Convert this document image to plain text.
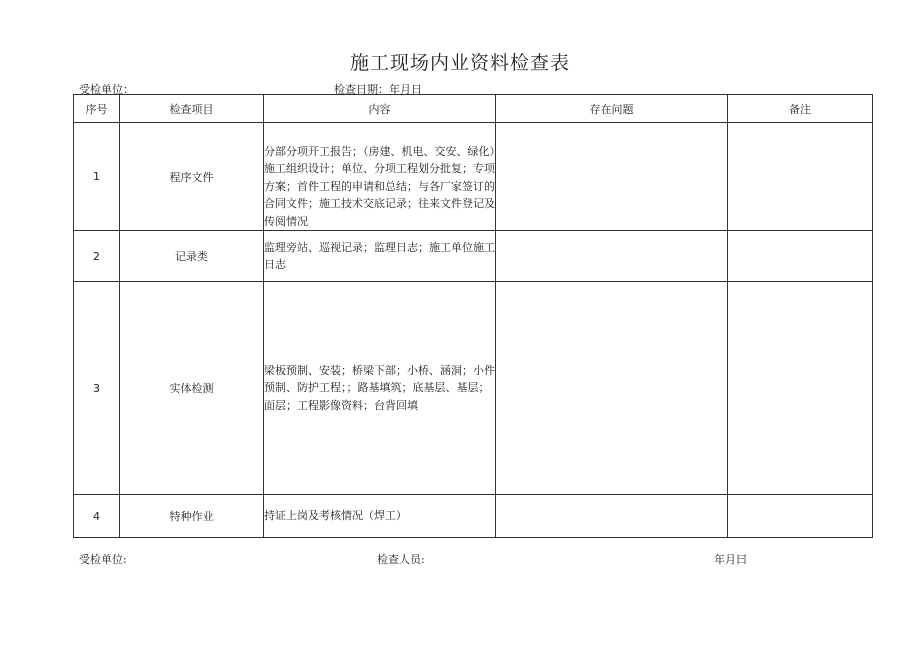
施工现场内业资料检查表
受检单位：	检查日期：年月日
序号	检查项目	内容	存在问题	备注
1	程序文件	分部分项开工报告；（房建、机电、交安、绿化）施工组织设计；单位、分项工程划分批复；专项方案；首件工程的申请和总结；与各厂家签订的合同文件；施工技术交底记录；往来文件登记及传阅情况		
2	记录类	监理旁站、巡视记录；监理日志；施工单位施工日志		
3	实体检测	梁板预制、安装；桥梁下部；小桥、涵洞；小件预制、防护工程；；路基填筑；底基层、基层；面层；工程影像资料；台背回填		
4	特种作业	持证上岗及考核情况（焊工）		
受检单位:	检查人员:	年月曰
